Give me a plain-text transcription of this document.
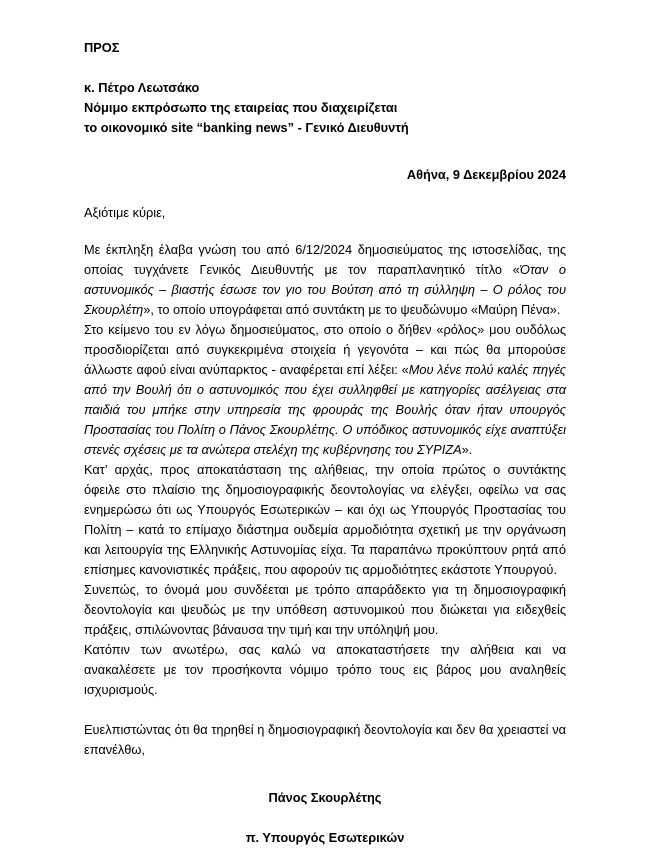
ΠΡΟΣ
κ. Πέτρο Λεωτσάκο
Νόμιμο εκπρόσωπο της εταιρείας που διαχειρίζεται
το οικονομικό site “banking news” - Γενικό Διευθυντή
Αθήνα, 9 Δεκεμβρίου 2024
Αξιότιμε κύριε,

Με έκπληξη έλαβα γνώση του από 6/12/2024 δημοσιεύματος της ιστοσελίδας, της οποίας τυγχάνετε Γενικός Διευθυντής με τον παραπλανητικό τίτλο «Όταν ο αστυνομικός – βιαστής έσωσε τον γιο του Βούτση από τη σύλληψη – Ο ρόλος του Σκουρλέτη», το οποίο υπογράφεται από συντάκτη με το ψευδώνυμο «Μαύρη Πένα».

Στο κείμενο του εν λόγω δημοσιεύματος, στο οποίο ο δήθεν «ρόλος» μου ουδόλως προσδιορίζεται από συγκεκριμένα στοιχεία ή γεγονότα – και πώς θα μπορούσε άλλωστε αφού είναι ανύπαρκτος - αναφέρεται επί λέξει: «Μου λένε πολύ καλές πηγές από την Βουλή ότι ο αστυνομικός που έχει συλληφθεί με κατηγορίες ασέλγειας στα παιδιά του μπήκε στην υπηρεσία της φρουράς της Βουλής όταν ήταν υπουργός Προστασίας του Πολίτη ο Πάνος Σκουρλέτης. Ο υπόδικος αστυνομικός είχε αναπτύξει στενές σχέσεις με τα ανώτερα στελέχη της κυβέρνησης του ΣΥΡΙΖΑ».

Κατ’ αρχάς, προς αποκατάσταση της αλήθειας, την οποία πρώτος ο συντάκτης όφειλε στο πλαίσιο της δημοσιογραφικής δεοντολογίας να ελέγξει, οφείλω να σας ενημερώσω ότι ως Υπουργός Εσωτερικών – και όχι ως Υπουργός Προστασίας του Πολίτη – κατά το επίμαχο διάστημα ουδεμία αρμοδιότητα σχετική με την οργάνωση και λειτουργία της Ελληνικής Αστυνομίας είχα. Τα παραπάνω προκύπτουν ρητά από επίσημες κανονιστικές πράξεις, που αφορούν τις αρμοδιότητες εκάστοτε Υπουργού.

Συνεπώς, το όνομά μου συνδέεται με τρόπο απαράδεκτο για τη δημοσιογραφική δεοντολογία και ψευδώς με την υπόθεση αστυνομικού που διώκεται για ειδεχθείς πράξεις, σπιλώνοντας βάναυσα την τιμή και την υπόληψή μου.

Κατόπιν των ανωτέρω, σας καλώ να αποκαταστήσετε την αλήθεια και να ανακαλέσετε με τον προσήκοντα νόμιμο τρόπο τους εις βάρος μου αναληθείς ισχυρισμούς.

Ευελπιστώντας ότι θα τηρηθεί η δημοσιογραφική δεοντολογία και δεν θα χρειαστεί να επανέλθω,

Πάνος Σκουρλέτης
π. Υπουργός Εσωτερικών
